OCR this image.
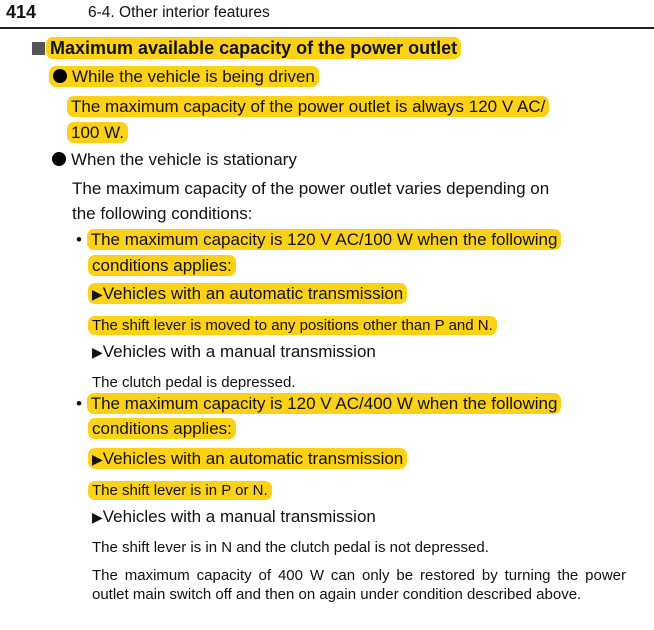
414	6-4. Other interior features
Maximum available capacity of the power outlet
While the vehicle is being driven
The maximum capacity of the power outlet is always 120 V AC/
100 W.
When the vehicle is stationary
The maximum capacity of the power outlet varies depending on
the following conditions:
• The maximum capacity is 120 V AC/100 W when the following
conditions applies:
▶Vehicles with an automatic transmission
The shift lever is moved to any positions other than P and N.
▶Vehicles with a manual transmission
The clutch pedal is depressed.
• The maximum capacity is 120 V AC/400 W when the following
conditions applies:
▶Vehicles with an automatic transmission
The shift lever is in P or N.
▶Vehicles with a manual transmission
The shift lever is in N and the clutch pedal is not depressed.
The maximum capacity of 400 W can only be restored by turning the power outlet main switch off and then on again under condition described above.
